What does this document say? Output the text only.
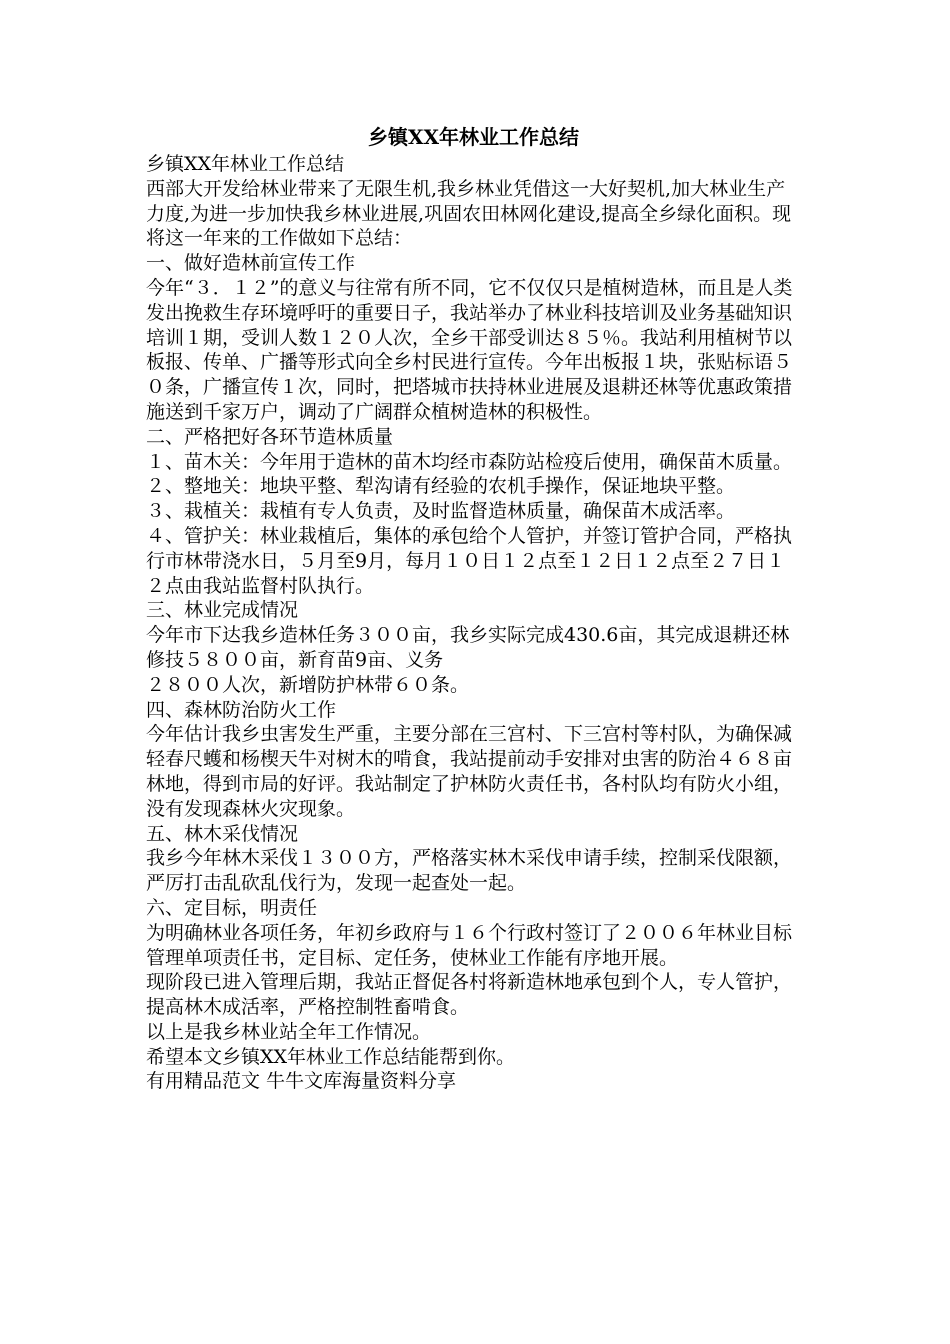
乡镇XX年林业工作总结

乡镇XX年林业工作总结

西部大开发给林业带来了无限生机,我乡林业凭借这一大好契机,加大林业生产力度,为进一步加快我乡林业进展,巩固农田林网化建设,提高全乡绿化面积。现将这一年来的工作做如下总结：

一、做好造林前宣传工作

今年“３．１２”的意义与往常有所不同，它不仅仅只是植树造林，而且是人类发出挽救生存环境呼吁的重要日子，我站举办了林业科技培训及业务基础知识培训１期，受训人数１２０人次，全乡干部受训达８５％。我站利用植树节以板报、传单、广播等形式向全乡村民进行宣传。今年出板报１块，张贴标语５０条，广播宣传１次，同时，把塔城市扶持林业进展及退耕还林等优惠政策措施送到千家万户，调动了广阔群众植树造林的积极性。

二、严格把好各环节造林质量

１、苗木关：今年用于造林的苗木均经市森防站检疫后使用，确保苗木质量。

２、整地关：地块平整、犁沟请有经验的农机手操作，保证地块平整。

３、栽植关：栽植有专人负责，及时监督造林质量，确保苗木成活率。

４、管护关：林业栽植后，集体的承包给个人管护，并签订管护合同，严格执行市林带浇水日，５月至9月，每月１０日１２点至１２日１２点至２７日１２点由我站监督村队执行。

三、林业完成情况

今年市下达我乡造林任务３００亩，我乡实际完成430.6亩，其完成退耕还林修技５８００亩，新育苗9亩、义务

２８００人次，新增防护林带６０条。

四、森林防治防火工作

今年估计我乡虫害发生严重，主要分部在三宫村、下三宫村等村队，为确保减轻春尺蠖和杨楔天牛对树木的啃食，我站提前动手安排对虫害的防治４６８亩林地，得到市局的好评。我站制定了护林防火责任书，各村队均有防火小组，没有发现森林火灾现象。

五、林木采伐情况

我乡今年林木采伐１３００方，严格落实林木采伐申请手续，控制采伐限额，严厉打击乱砍乱伐行为，发现一起查处一起。

六、定目标，明责任

为明确林业各项任务，年初乡政府与１６个行政村签订了２００６年林业目标管理单项责任书，定目标、定任务，使林业工作能有序地开展。

现阶段已进入管理后期，我站正督促各村将新造林地承包到个人，专人管护，提高林木成活率，严格控制牲畜啃食。

以上是我乡林业站全年工作情况。

希望本文乡镇XX年林业工作总结能帮到你。

有用精品范文 牛牛文库海量资料分享
